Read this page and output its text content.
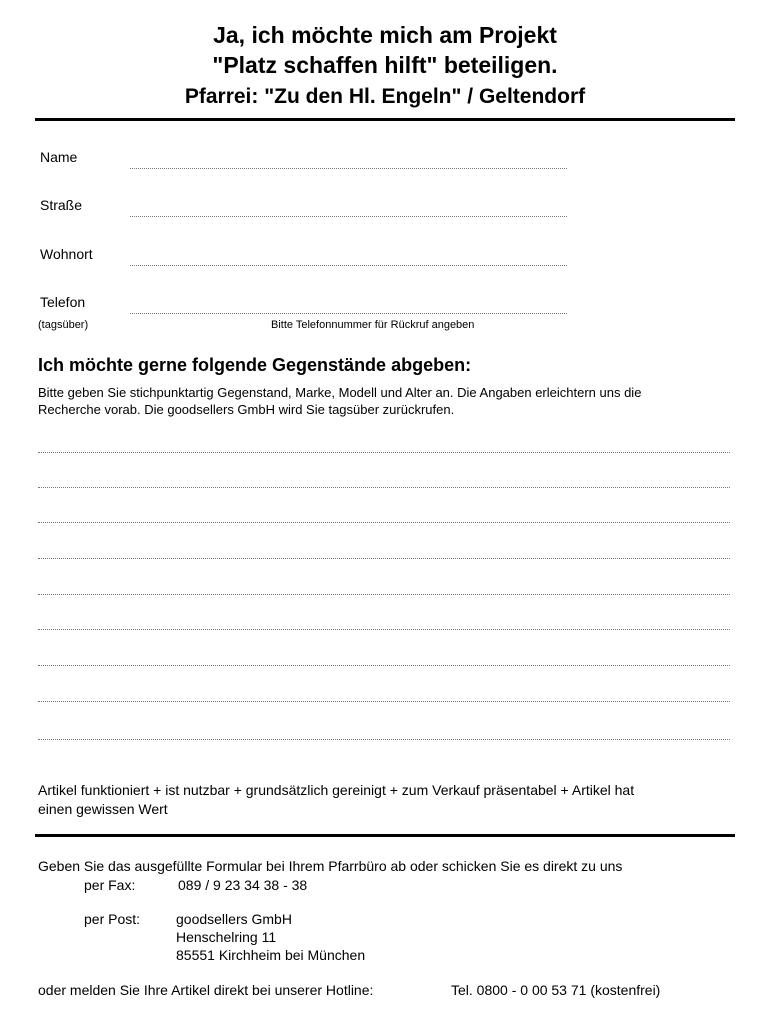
Ja, ich möchte mich am Projekt
"Platz schaffen hilft" beteiligen.
Pfarrei: "Zu den Hl. Engeln" / Geltendorf
Name
Straße
Wohnort
Telefon
(tagsüber)	Bitte Telefonnummer für Rückruf angeben
Ich möchte gerne folgende Gegenstände abgeben:
Bitte geben Sie stichpunktartig Gegenstand, Marke, Modell und Alter an. Die Angaben erleichtern uns die
Recherche vorab. Die goodsellers GmbH wird Sie tagsüber zurückrufen.
Artikel funktioniert + ist nutzbar + grundsätzlich gereinigt + zum Verkauf präsentabel + Artikel hat
einen gewissen Wert
Geben Sie das ausgefüllte Formular bei Ihrem Pfarrbüro ab oder schicken Sie es direkt zu uns
per Fax:	089 / 9 23 34 38 - 38
per Post:	goodsellers GmbH
Henschelring 11
85551 Kirchheim bei München
oder melden Sie Ihre Artikel direkt bei unserer Hotline:	Tel. 0800 - 0 00 53 71 (kostenfrei)
